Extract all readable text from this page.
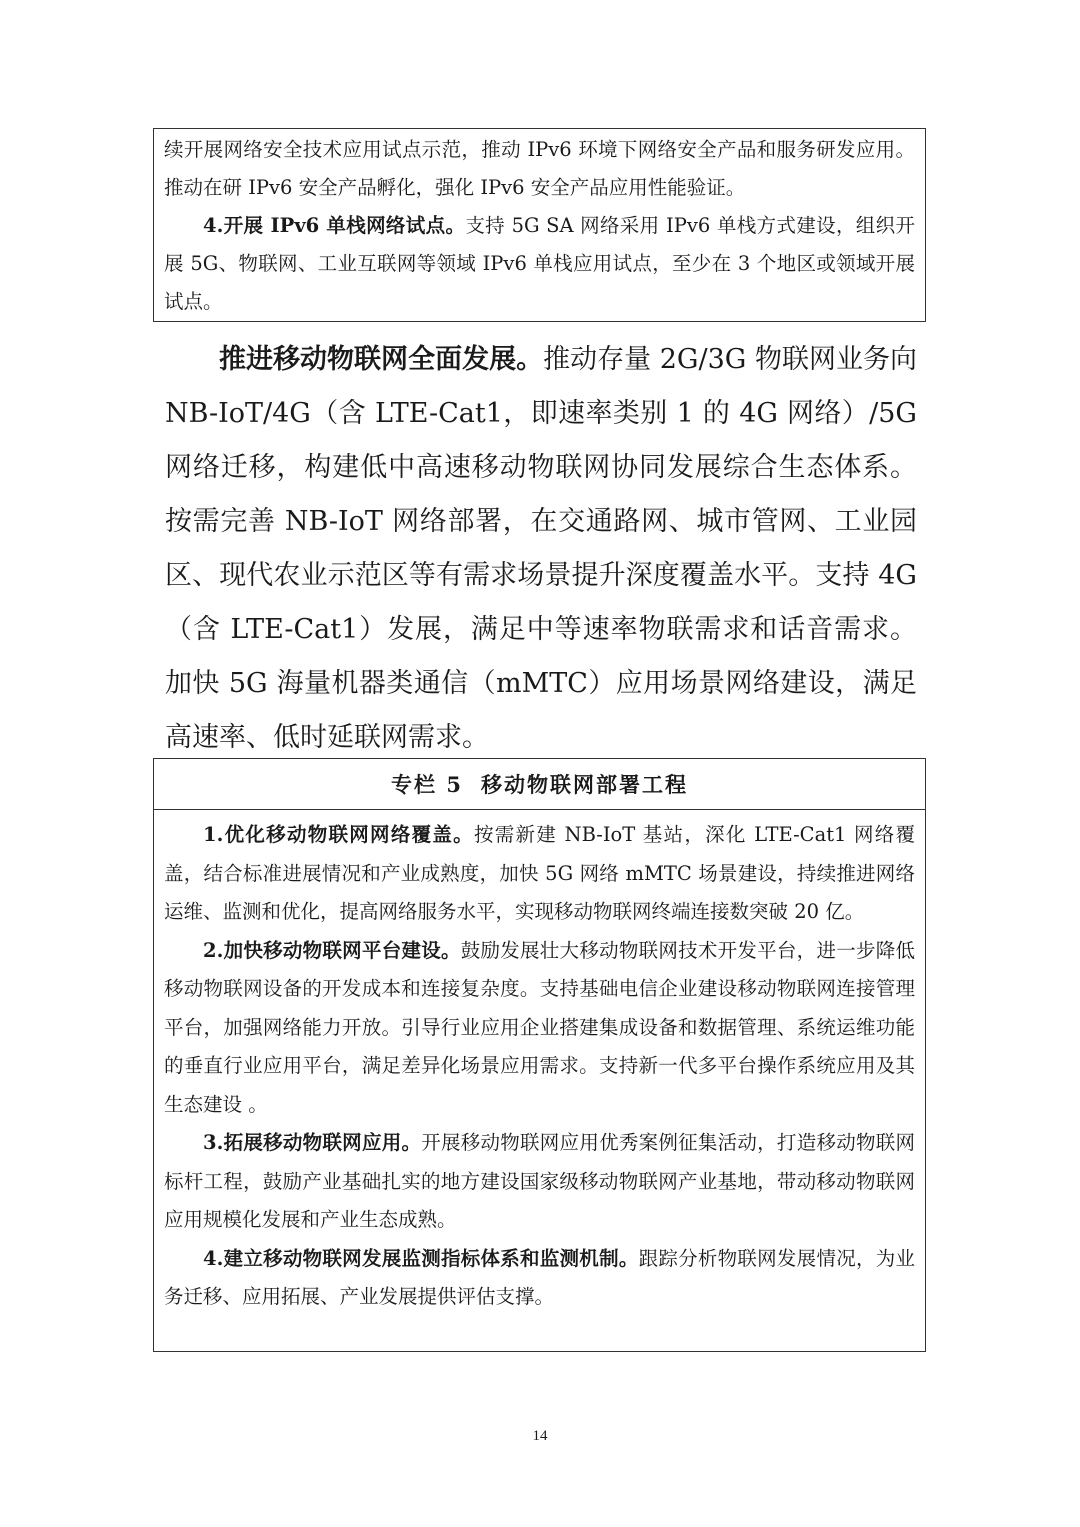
续开展网络安全技术应用试点示范，推动 IPv6 环境下网络安全产品和服务研发应用。推动在研 IPv6 安全产品孵化，强化 IPv6 安全产品应用性能验证。

4.开展 IPv6 单栈网络试点。支持 5G SA 网络采用 IPv6 单栈方式建设，组织开展 5G、物联网、工业互联网等领域 IPv6 单栈应用试点，至少在 3 个地区或领域开展试点。

推进移动物联网全面发展。推动存量 2G/3G 物联网业务向 NB-IoT/4G（含 LTE-Cat1，即速率类别 1 的 4G 网络）/5G 网络迁移，构建低中高速移动物联网协同发展综合生态体系。按需完善 NB-IoT 网络部署，在交通路网、城市管网、工业园区、现代农业示范区等有需求场景提升深度覆盖水平。支持 4G（含 LTE-Cat1）发展，满足中等速率物联需求和话音需求。加快 5G 海量机器类通信（mMTC）应用场景网络建设，满足高速率、低时延联网需求。

专栏 5 移动物联网部署工程

1.优化移动物联网网络覆盖。按需新建 NB-IoT 基站，深化 LTE-Cat1 网络覆盖，结合标准进展情况和产业成熟度，加快 5G 网络 mMTC 场景建设，持续推进网络运维、监测和优化，提高网络服务水平，实现移动物联网终端连接数突破 20 亿。

2.加快移动物联网平台建设。鼓励发展壮大移动物联网技术开发平台，进一步降低移动物联网设备的开发成本和连接复杂度。支持基础电信企业建设移动物联网连接管理平台，加强网络能力开放。引导行业应用企业搭建集成设备和数据管理、系统运维功能的垂直行业应用平台，满足差异化场景应用需求。支持新一代多平台操作系统应用及其生态建设 。

3.拓展移动物联网应用。开展移动物联网应用优秀案例征集活动，打造移动物联网标杆工程，鼓励产业基础扎实的地方建设国家级移动物联网产业基地，带动移动物联网应用规模化发展和产业生态成熟。

4.建立移动物联网发展监测指标体系和监测机制。跟踪分析物联网发展情况，为业务迁移、应用拓展、产业发展提供评估支撑。

14
